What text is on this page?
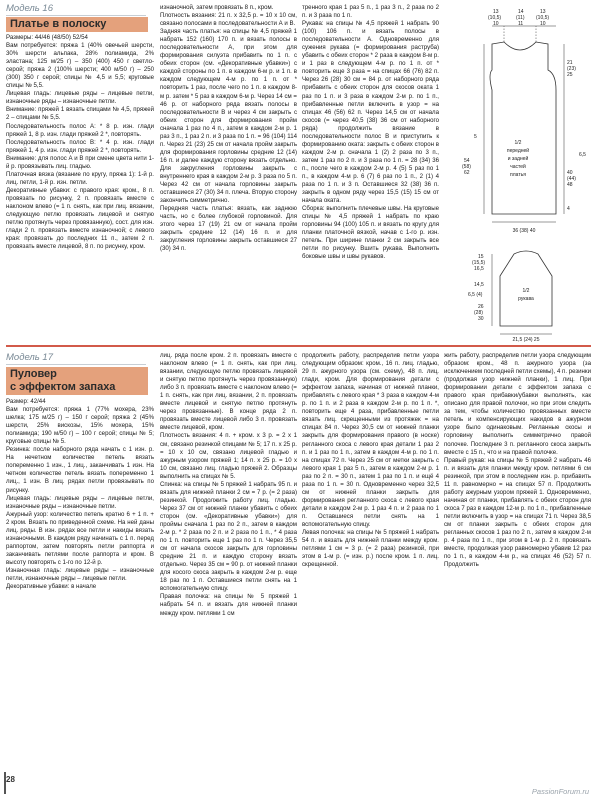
Модель 16
Платье в полоску

Размеры: 44/46 (48/50) 52/54

Вам потребуется: пряжа 1 (40% овечьей шерсти, 30% шерсти альпака, 28% полиамида, 2% эластана; 125 м/25 г) – 350 (400) 450 г светло-серой; пряжа 2 (100% шерсти; 400 м/50 г) – 250 (300) 350 г серой; спицы № 4,5 и 5,5; круговые спицы № 5,5.

Лицевая гладь: лицевые ряды – лицевые петли, изнаночные ряды – изнаночные петли.

Внимание: пряжей 1 вязать спицами № 4,5, пряжей 2 – спицами № 5,5.

Последовательность полос А: * 8 р. изн. глади пряжей 1, 8 р. изн. глади пряжей 2 *, повторять.

Последовательность полос В: * 4 р. изн. глади пряжей 1, 4 р. изн. глади пряжей 2 *, повторять.

Внимание: для полос А и В при смене цвета нити 1-й р. провязывать лиц. гладью.

Платочная вязка (вязание по кругу, пряжа 1): 1-й р. лиц. петли, 1-й р. изн. петли.

Декоративные убавки: с правого края: кром., 8 п. провязать по рисунку, 2 п. провязать вместе с наклоном влево (= 1 п. снять, как при лиц. вязании, следующую петлю провязать лицевой и снятую петлю протянуть через провязанную), сост. для изн. глади 2 п. провязать вместе изнаночной; с левого края: провязать до последних 11 п., затем 2 п. провязать вместе лицевой, 8 п. по рисунку, кром.

изнаночной, затем провязать 8 п., кром.

Плотность вязания: 21 п. х 32,5 р. = 10 х 10 см, связано полосами в последовательности А и В.

Задняя часть платья: на спицы № 4,5 пряжей 1 набрать 152 (160) 170 п. и вязать полосы в последовательности А, при этом для формирования силуэта прибавить по 1 п. с обеих сторон (см. «Декоративные убавки») с каждой стороны по 1 п. в каждом 6-м р. и 1 п. в каждом следующем 4-м р. по 1 п. от * повторить 1 раз, после чего по 1 п. в каждом 8-м р. затем * 5 раз в каждом 6-м р. Через 14 см = 46 р. от наборного ряда вязать полосы в последовательности В и через 4 см закрыть с обеих сторон для формирования пройм сначала 1 раз по 4 п., затем в каждом 2-м р. 1 раз 3 п., 1 раз 2 п. и 3 раза по 1 п. = 96 (104) 114 п. Через 21 (23) 25 см от начала пройм закрыть для формирования горловины средние 12 (14) 16 п. и далее каждую сторону вязать отдельно. Для закругления горловины закрыть с внутреннего края в каждом 2-м р. 3 раза по 5 п. Через 42 см от начала горловины закрыть оставшиеся 27 (30) 34 п. плеча. Вторую сторону закончить симметрично.

Передняя часть платья: вязать, как заднюю часть, но с более глубокой горловиной. Для этого через 17 (19) 21 см от начала пройм закрыть средние 12 (14) 16 п. и для закругления горловины закрыть оставшиеся 27 (30) 34 п.

тренного края 1 раз 5 п., 1 раз 3 п., 2 раза по 2 п. и 3 раза по 1 п.

Рукава: на спицы № 4,5 пряжей 1 набрать 90 (100) 106 п. и вязать полосы в последовательности А. Одновременно для сужения рукава (= формирования раструба) убавить с обеих сторон * 2 раза в каждом 8-м р. и 1 раз в следующем 4-м р. по 1 п. от * повторить еще 3 раза = на спицах 66 (76) 82 п. Через 26 (28) 30 см = 84 р. от наборного ряда прибавить с обеих сторон для скосов оката 1 раз по 1 п. и 3 раза в каждом 2-м р. по 1 п., прибавленные петли включить в узор = на спицах 46 (56) 62 п. Через 14,5 см от начала скосов (= через 40,5 (38) 36 см от наборного ряда) продолжить вязание в последовательности полос В и приступить к формированию оката: закрыть с обеих сторон в каждом 2-м р. сначала 1 (2) 2 раза по 3 п., затем 1 раз по 2 п. и 3 раза по 1 п. = 28 (34) 36 п., после чего в каждом 2-м р. 4 (5) 5 раз по 1 п., в каждом 4-м р. 6 (7) 6 раз по 1 п., 2 (1) 4 раза по 1 п. и 3 п. Оставшиеся 32 (38) 36 п. закрыть в одном ряду через 15,5 (15) 15 см от начала оката.

Сборка: выполнить плечевые швы. На круговые спицы № 4,5 пряжей 1 набрать по краю горловины 94 (100) 105 п. и вязать по кругу для планки платочной вязкой, начав с 1-го р. изн. петель. При ширине планки 2 см закрыть все петли по рисунку. Вшить рукава. Выполнить боковые швы и швы рукавов.

13	14	13
(10,5)	(11) (10,5)
10	11	10
21
(23)
25
6,5
40
(44)
48
4
5
54
(58)
62
1/2
передней
и задней
частей
платья
36 (38) 40
15
(15,5)
16,5
14,5
6,5 (4)
26
(28)
30
1/2
рукава
21,5 (24) 25
Модель 17
Пуловер
с эффектом запаха

Размер: 42/44

Вам потребуется: пряжа 1 (77% мохера, 23% шелка; 175 м/25 г) – 150 г серой; пряжа 2 (45% шерсти, 25% вискозы, 15% мохера, 15% полиамида; 190 м/50 г) – 100 г серой; спицы № 5; круговые спицы № 5.

Резинка: после наборного ряда начать с 1 изн. р. На нечетном количестве петель вязать попеременно 1 изн., 1 лиц., заканчивать 1 изн. На четном количестве петель вязать попеременно 1 лиц., 1 изн. В лиц. рядах петли провязывать по рисунку.

Лицевая гладь: лицевые ряды – лицевые петли, изнаночные ряды – изнаночные петли.

Ажурный узор: количество петель кратно 6 + 1 п. + 2 кром. Вязать по приведенной схеме. На ней даны лиц. ряды. В изн. рядах все петли и накиды вязать изнаночными. В каждом ряду начинать с 1 п. перед раппортом, затем повторять петли раппорта и заканчивать петлями после раппорта и кром. В высоту повторять с 1-го по 12-й р.

Изнаночная гладь: лицевые ряды – изнаночные петли, изнаночные ряды – лицевые петли.

Декоративные убавки: в начале

лиц. ряда после кром. 2 п. провязать вместе с наклоном влево (= 1 п. снять, как при лиц. вязании, следующую петлю провязать лицевой и снятую петлю протянуть через провязанную) либо 3 п. провязать вместе с наклоном влево (= 1 п. снять, как при лиц. вязании, 2 п. провязать вместе лицевой и снятую петлю протянуть через провязанные). В конце ряда 2 п. провязать вместе лицевой либо 3 п. провязать вместе лицевой, кром.

Плотность вязания: 4 п. + кром. х 3 р. = 2 х 1 см, связано резинкой спицами № 5; 17 п. х 25 р. = 10 х 10 см, связано лицевой гладью и ажурным узором пряжей 1; 14 п. х 25 р. = 10 х 10 см, связано лиц. гладью пряжей 2. Образцы выполнить на спицах № 5.

Спинка: на спицы № 5 пряжей 1 набрать 95 п. и вязать для нижней планки 2 см = 7 р. (= 2 раза) резинкой. Продолжить работу лиц. гладью. Через 37 см от нижней планки убавить с обеих сторон (см. «Декоративные убавки») для проймы сначала 1 раз по 2 п., затем в каждом 2-м р. * 2 раза по 2 п. и 2 раза по 1 п., * 4 раза по 1 п. повторить еще 1 раз по 1 п. Через 35,5 см от начала скосов закрыть для горловины средние 21 п. и каждую сторону вязать отдельно. Через 35 см = 90 р. от нижней планки для косого скоса закрыть в каждом 2-м р. еще 18 раз по 1 п. Оставшиеся петли снять на 1 вспомогательную спицу.

Правая полочка: на спицы № 5 пряжей 1 набрать 54 п. и вязать для нижней планки между кром. петлями 1 см

продолжить работу, распределив петли узора следующим образом: кром., 16 п. лиц. гладью, 29 п. ажурного узора (см. схему), 48 п. лиц. глади, кром. Для формирования детали с эффектом запаха, начиная от нижней планки, прибавлять с левого края * 3 раза в каждом 4-м р. по 1 п. и 2 раза в каждом 2-м р. по 1 п. *, повторить еще 4 раза, прибавленные петли вязать лиц. скрещенными из протяжек = на спицах 84 п. Через 30,5 см от нижней планки закрыть для формирования правого (в носке) регланного скоса с левого края детали 1 раз 2 п. и 1 раз по 1 п., затем в каждом 4-м р. по 1 п. на спицах 72 п. Через 25 см от метки закрыть с левого края 1 раз 5 п., затем в каждом 2-м р. 1 раз по 2 п. = 30 п., затем 1 раз по 1 п. и ещё 4 раза по 1 п. = 30 п. Одновременно через 32,5 см от нижней планки закрыть для формирования регланного скоса с левого края детали в каждом 2-м р. 1 раз 4 п. и 2 раза по 1 п. Оставшиеся петли снять на 1 вспомогательную спицу.

Левая полочка: на спицы № 5 пряжей 1 набрать 54 п. и вязать для нижней планки между кром. петлями 1 см = 3 р. (= 2 раза) резинкой, при этом в 1-м р. (= изн. р.) после кром. 1 п. лиц. скрещенной.

жить работу, распределив петли узора следующим образом: кром., 48 п. ажурного узора (за исключением последней петли схемы), 4 п. резинки (продолжая узор нижней планки), 1 лиц. При формировании детали с эффектом запаха с правого края прибавки/убавки выполнять, как описано для правой полочки, но при этом следить за тем, чтобы количество провязанных вместе петель и компенсирующих накидов в ажурном узоре было одинаковым. Регланные скосы и горловину выполнить симметрично правой полочке. Последние 3 п. регланного скоса закрыть вместе с 15 п., что и на правой полочке.

Правый рукав: на спицы № 5 пряжей 2 набрать 46 п. и вязать для планки между кром. петлями 6 см резинкой, при этом в последнем изн. р. прибавить 11 п. равномерно = на спицах 57 п. Продолжить работу ажурным узором пряжей 1. Одновременно, начиная от планки, прибавлять с обеих сторон для скоса 7 раз в каждом 12-м р. по 1 п., прибавленные петли включить в узор = на спицах 71 п. Через 38,5 см от планки закрыть с обеих сторон для регланных скосов 1 раз по 2 п., затем в каждом 2-м р. 4 раза по 1 п., при этом в 1-м р. 2 п. провязать вместе, продолжая узор равномерно убавив 12 раз по 1 п., в каждом 4-м р., на спицах 46 (52) 57 п. Продолжить

28
PassionForum.ru
